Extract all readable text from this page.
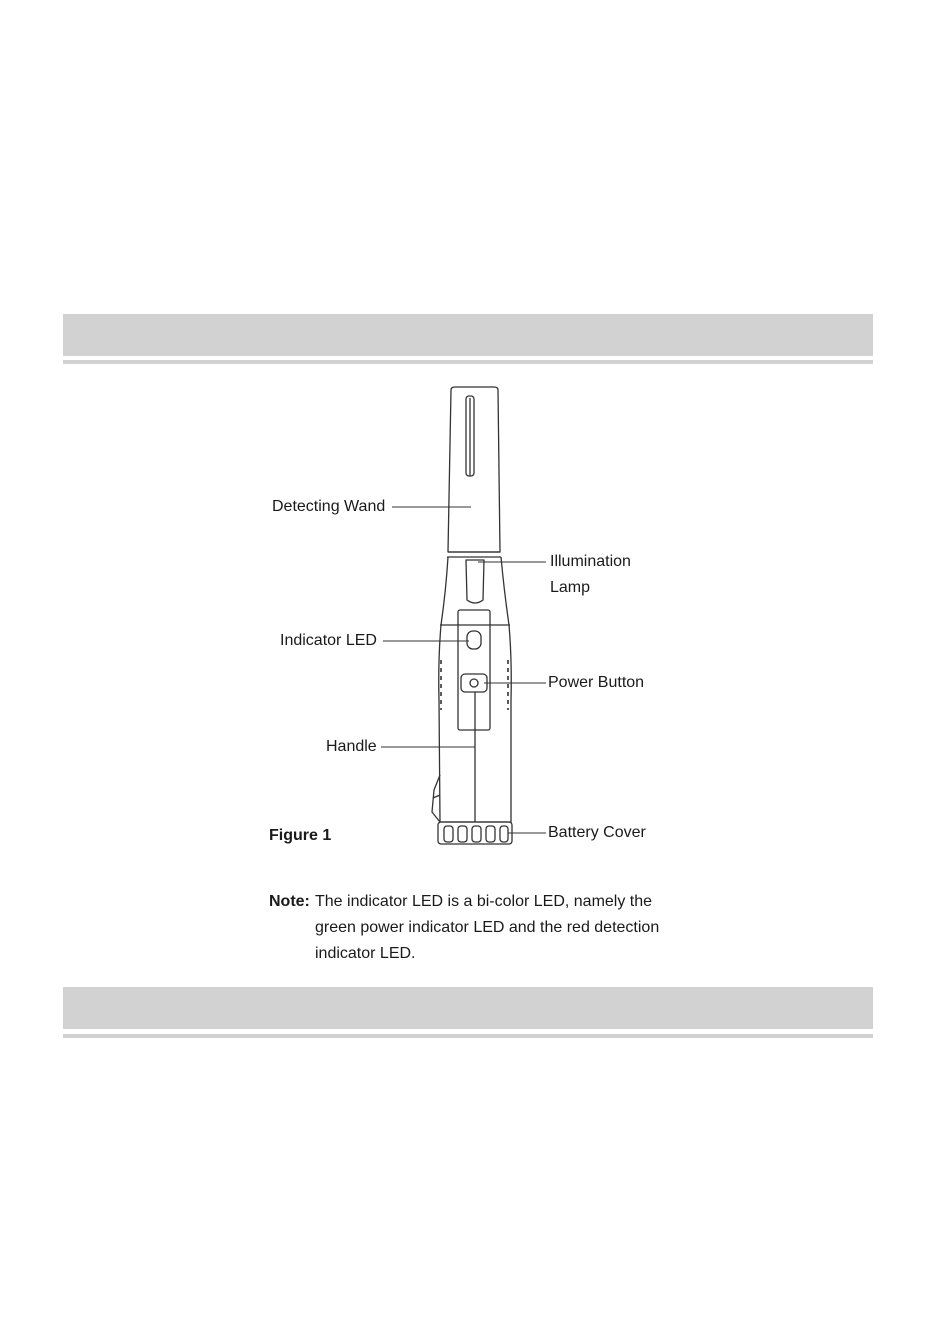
Detecting Wand
Illumination
Lamp
Indicator LED
Power Button
Handle
Battery Cover
Figure 1
Note: The indicator LED is a bi-color LED, namely the
green power indicator LED and the red detection
indicator LED.
